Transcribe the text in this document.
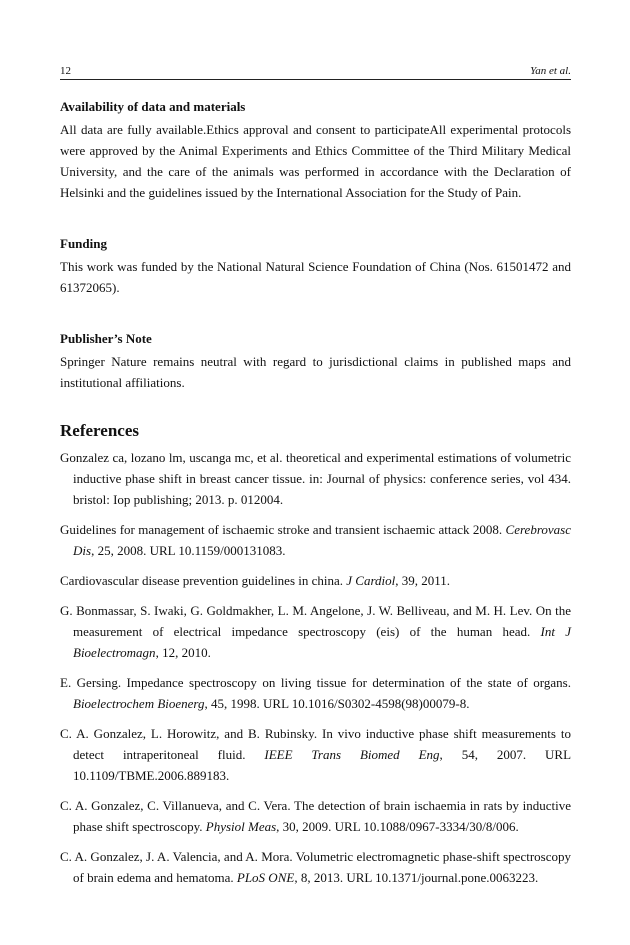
12	Yan et al.
Availability of data and materials

All data are fully available.Ethics approval and consent to participateAll experimental protocols were approved by the Animal Experiments and Ethics Committee of the Third Military Medical University, and the care of the animals was performed in accordance with the Declaration of Helsinki and the guidelines issued by the International Association for the Study of Pain.

Funding

This work was funded by the National Natural Science Foundation of China (Nos. 61501472 and 61372065).

Publisher’s Note

Springer Nature remains neutral with regard to jurisdictional claims in published maps and institutional affiliations.

References

Gonzalez ca, lozano lm, uscanga mc, et al. theoretical and experimental estimations of volumetric inductive phase shift in breast cancer tissue. in: Journal of physics: conference series, vol 434. bristol: Iop publishing; 2013. p. 012004.

Guidelines for management of ischaemic stroke and transient ischaemic attack 2008. Cerebrovasc Dis, 25, 2008. URL 10.1159/000131083.

Cardiovascular disease prevention guidelines in china. J Cardiol, 39, 2011.

G. Bonmassar, S. Iwaki, G. Goldmakher, L. M. Angelone, J. W. Belliveau, and M. H. Lev. On the measurement of electrical impedance spectroscopy (eis) of the human head. Int J Bioelectromagn, 12, 2010.

E. Gersing. Impedance spectroscopy on living tissue for determination of the state of organs. Bioelectrochem Bioenerg, 45, 1998. URL 10.1016/S0302-4598(98)00079-8.

C. A. Gonzalez, L. Horowitz, and B. Rubinsky. In vivo inductive phase shift measurements to detect intraperitoneal fluid. IEEE Trans Biomed Eng, 54, 2007. URL 10.1109/TBME.2006.889183.

C. A. Gonzalez, C. Villanueva, and C. Vera. The detection of brain ischaemia in rats by inductive phase shift spectroscopy. Physiol Meas, 30, 2009. URL 10.1088/0967-3334/30/8/006.

C. A. Gonzalez, J. A. Valencia, and A. Mora. Volumetric electromagnetic phase-shift spectroscopy of brain edema and hematoma. PLoS ONE, 8, 2013. URL 10.1371/journal.pone.0063223.
